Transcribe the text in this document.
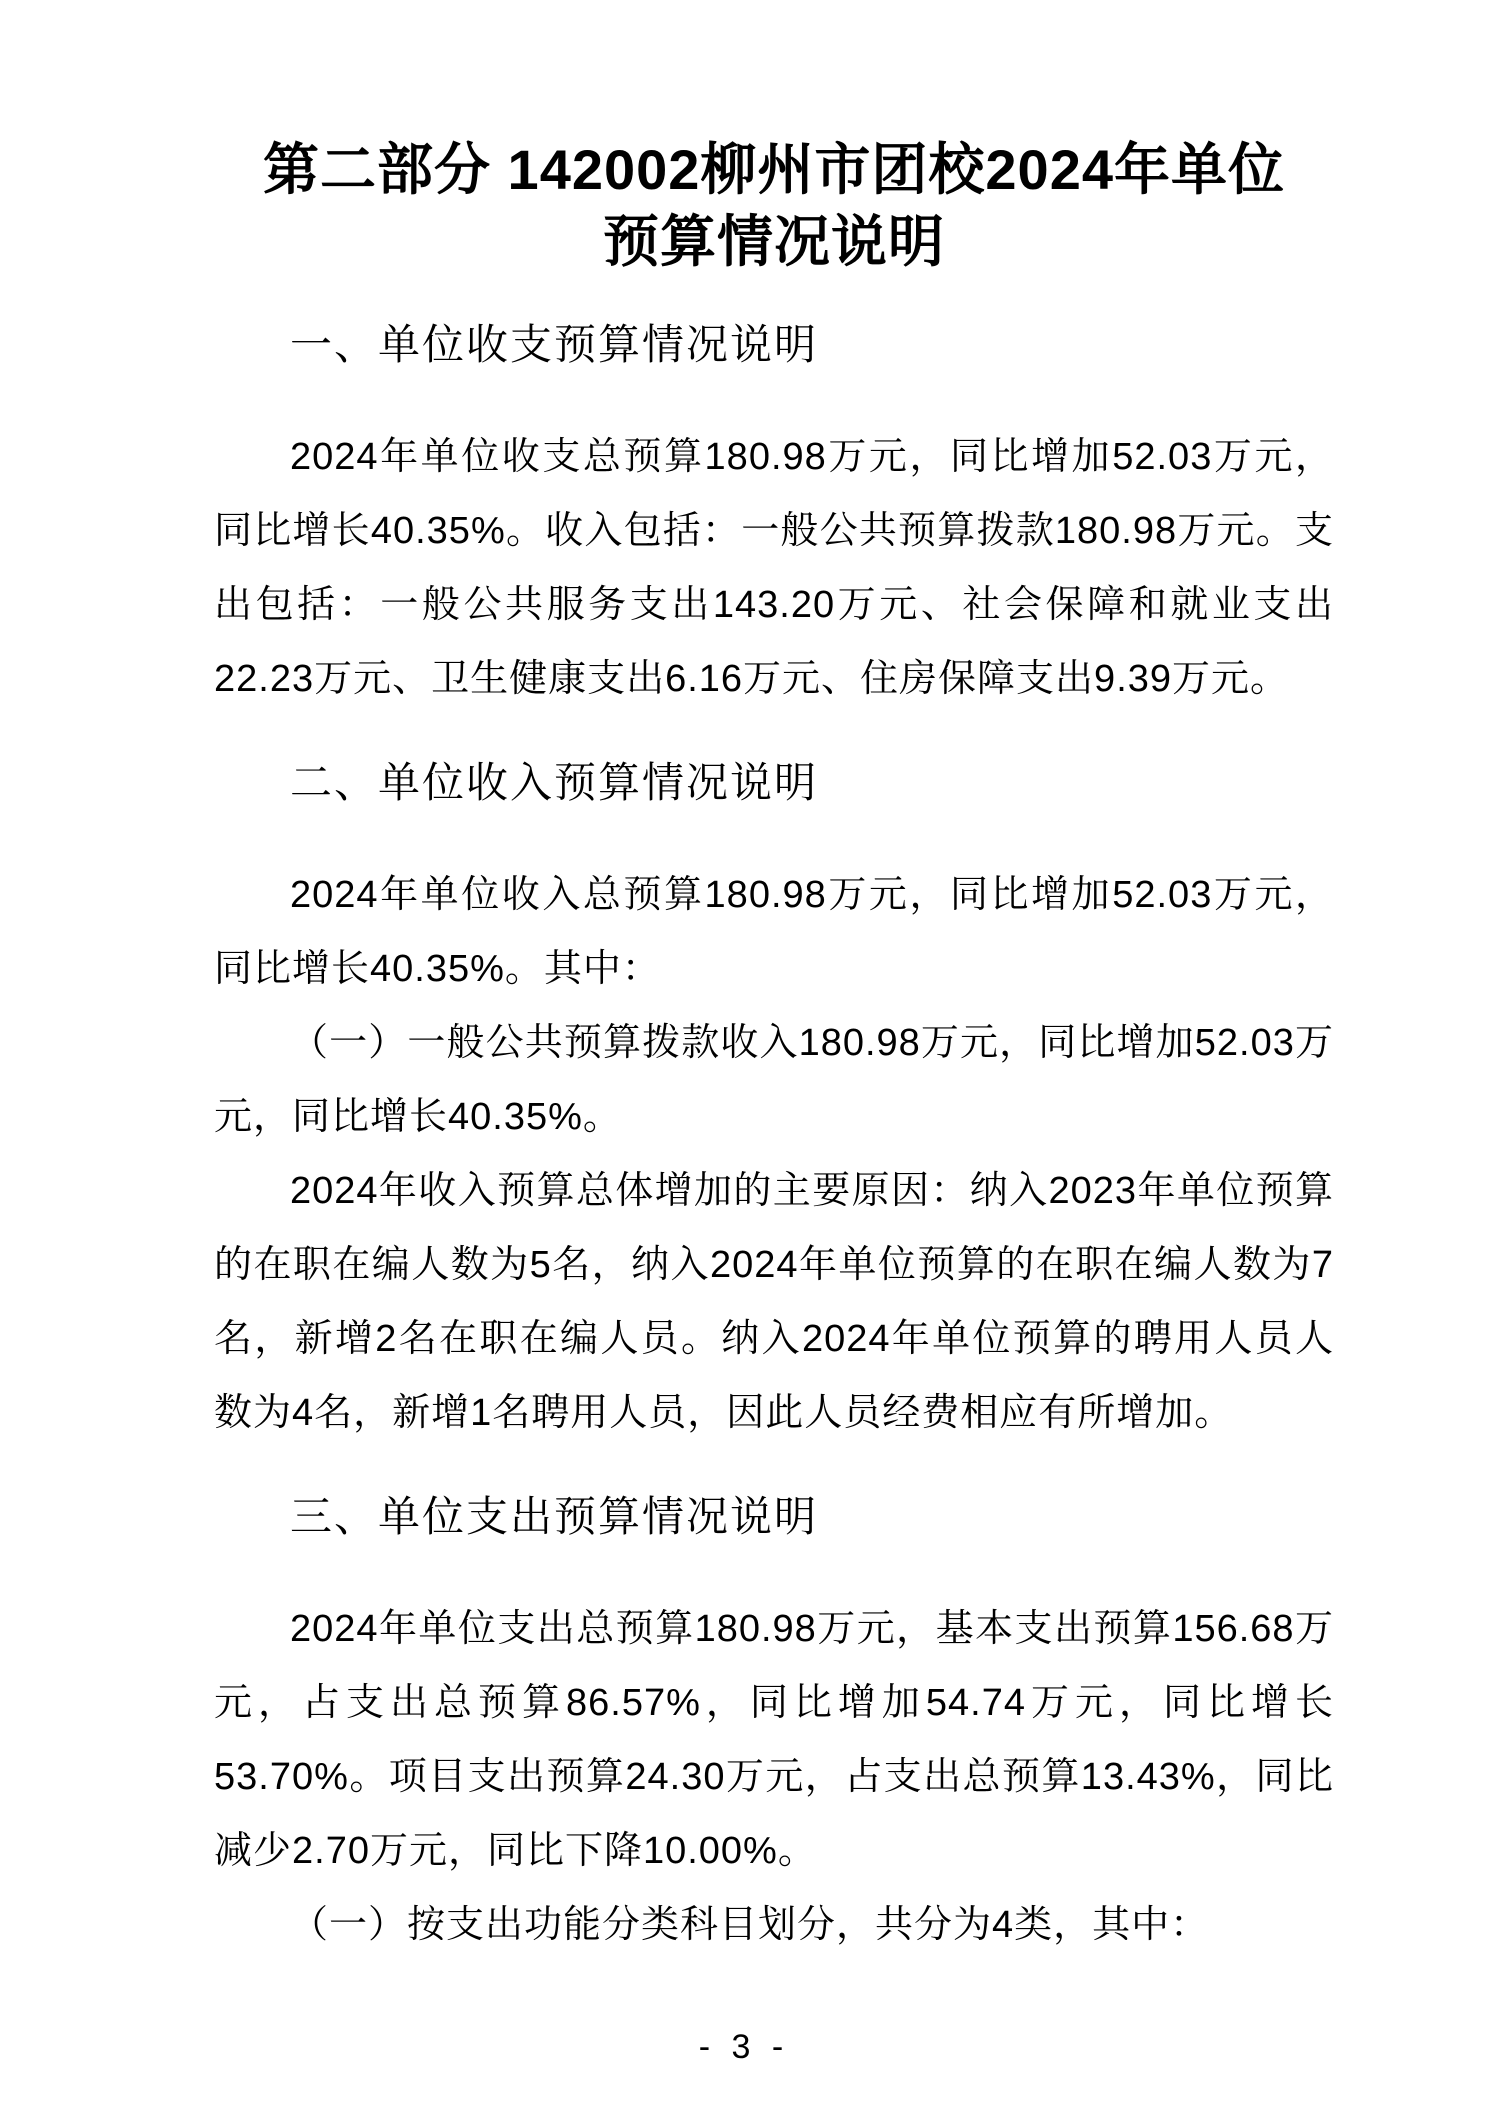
第二部分 142002柳州市团校2024年单位预算情况说明
一、单位收支预算情况说明

2024年单位收支总预算180.98万元，同比增加52.03万元，同比增长40.35%。收入包括：一般公共预算拨款180.98万元。支出包括：一般公共服务支出143.20万元、社会保障和就业支出22.23万元、卫生健康支出6.16万元、住房保障支出9.39万元。

二、单位收入预算情况说明

2024年单位收入总预算180.98万元，同比增加52.03万元，同比增长40.35%。其中：

（一）一般公共预算拨款收入180.98万元，同比增加52.03万元，同比增长40.35%。

2024年收入预算总体增加的主要原因：纳入2023年单位预算的在职在编人数为5名，纳入2024年单位预算的在职在编人数为7名，新增2名在职在编人员。纳入2024年单位预算的聘用人员人数为4名，新增1名聘用人员，因此人员经费相应有所增加。

三、单位支出预算情况说明

2024年单位支出总预算180.98万元，基本支出预算156.68万元，占支出总预算86.57%，同比增加54.74万元，同比增长53.70%。项目支出预算24.30万元，占支出总预算13.43%，同比减少2.70万元，同比下降10.00%。

（一）按支出功能分类科目划分，共分为4类，其中：

- 3 -
